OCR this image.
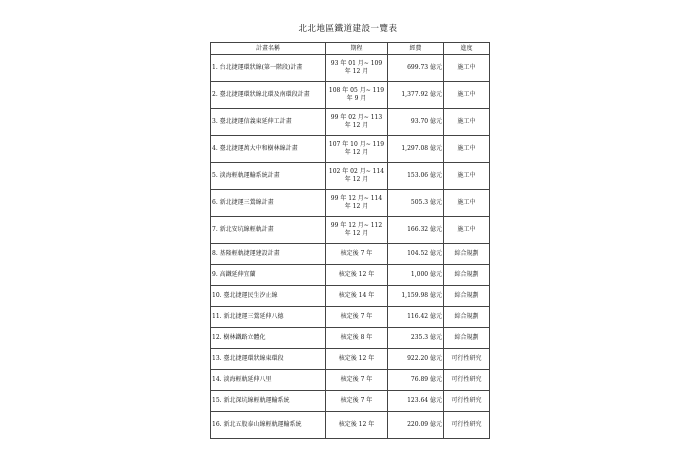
北北地區鐵道建設一覽表
計畫名稱	期程	經費	進度
1. 台北捷運環狀線(第一階段)計畫	93 年 01 月~ 109 年 12 月	699.73 億元	施工中
2. 臺北捷運環狀線北環及南環段計畫	108 年 05 月~ 119 年 9 月	1,377.92 億元	施工中
3. 臺北捷運信義東延伸工計畫	99 年 02 月~ 113 年 12 月	93.70 億元	施工中
4. 臺北捷運萬大中和樹林線計畫	107 年 10 月~ 119 年 12 月	1,297.08 億元	施工中
5. 淡海輕軌運輸系統計畫	102 年 02 月~ 114 年 12 月	153.06 億元	施工中
6. 新北捷運三鶯線計畫	99 年 12 月~ 114 年 12 月	505.3 億元	施工中
7. 新北安坑線輕軌計畫	99 年 12 月~ 112 年 12 月	166.32 億元	施工中
8. 基隆輕軌捷運建設計畫	核定後 7 年	104.52 億元	綜合規劃
9. 高鐵延伸宜蘭	核定後 12 年	1,000 億元	綜合規劃
10. 臺北捷運民生汐止線	核定後 14 年	1,159.98 億元	綜合規劃
11. 新北捷運三鶯延伸八德	核定後 7 年	116.42 億元	綜合規劃
12. 樹林鐵路立體化	核定後 8 年	235.3 億元	綜合規劃
13. 臺北捷運環狀線東環段	核定後 12 年	922.20 億元	可行性研究
14. 淡海輕軌延伸八里	核定後 7 年	76.89 億元	可行性研究
15. 新北深坑線輕軌運輸系統	核定後 7 年	123.64 億元	可行性研究
16. 新北五股泰山線輕軌運輸系統	核定後 12 年	220.09 億元	可行性研究
